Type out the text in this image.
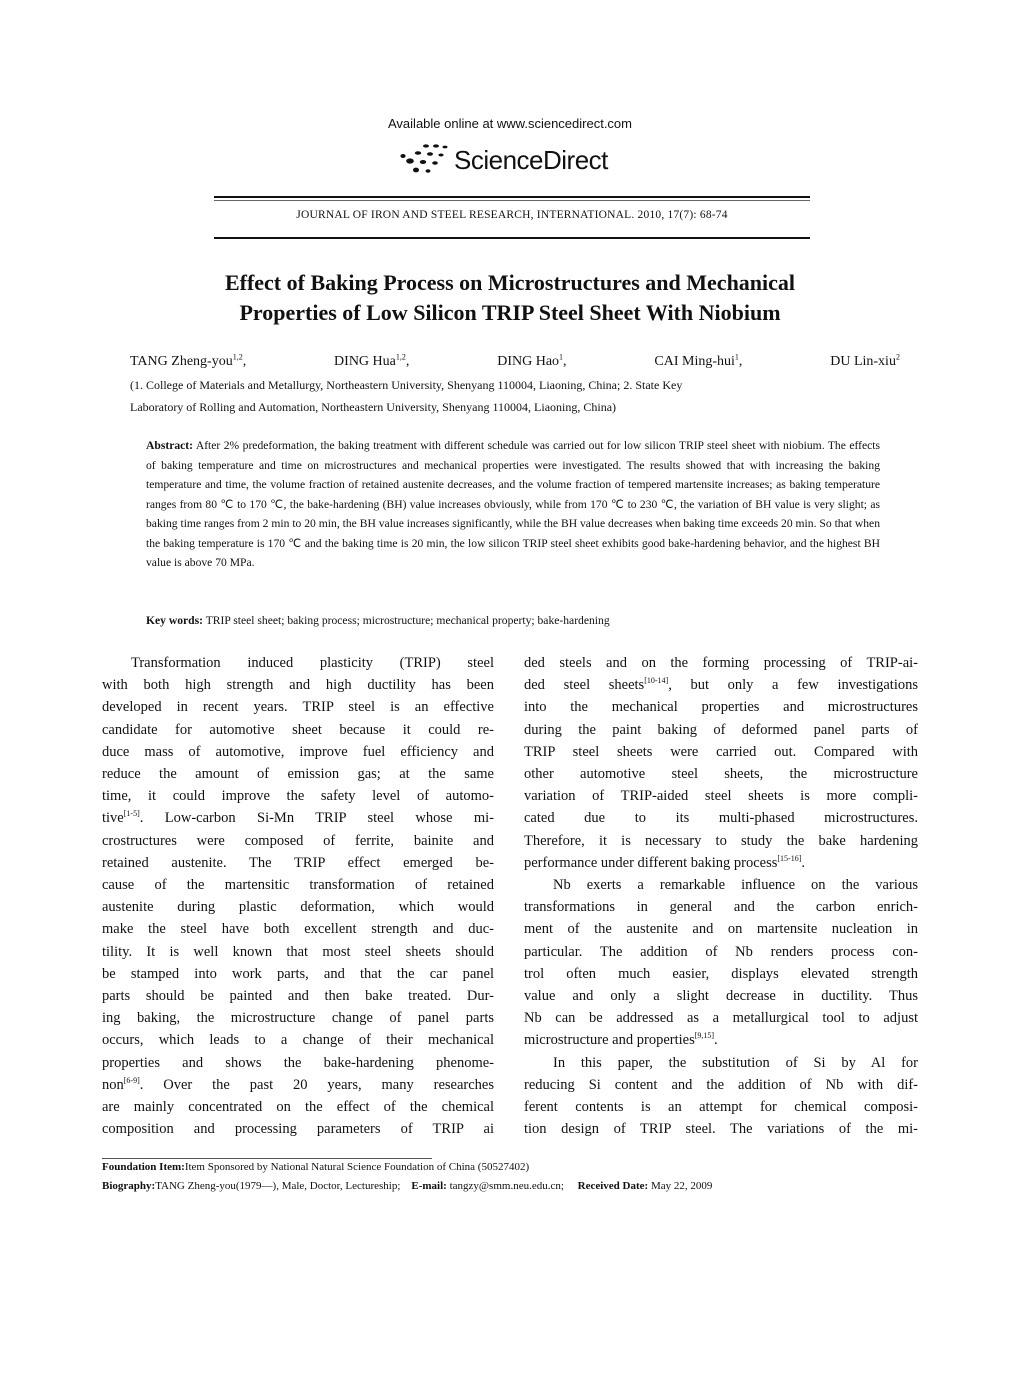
Available online at www.sciencedirect.com
ScienceDirect
JOURNAL OF IRON AND STEEL RESEARCH, INTERNATIONAL. 2010, 17(7): 68-74
Effect of Baking Process on Microstructures and Mechanical
Properties of Low Silicon TRIP Steel Sheet With Niobium
TANG Zheng-you$^{1,2}$,	DING Hua$^{1,2}$,	DING Hao$^1$,	CAI Ming-hui$^1$,	DU Lin-xiu$^2$
(1. College of Materials and Metallurgy, Northeastern University, Shenyang 110004, Liaoning, China; 2. State Key
Laboratory of Rolling and Automation, Northeastern University, Shenyang 110004, Liaoning, China)
Abstract: After 2% predeformation, the baking treatment with different schedule was carried out for low silicon TRIP steel sheet with niobium. The effects of baking temperature and time on microstructures and mechanical properties were investigated. The results showed that with increasing the baking temperature and time, the volume fraction of retained austenite decreases, and the volume fraction of tempered martensite increases; as baking temperature ranges from 80 ℃ to 170 ℃, the bake-hardening (BH) value increases obviously, while from 170 ℃ to 230 ℃, the variation of BH value is very slight; as baking time ranges from 2 min to 20 min, the BH value increases significantly, while the BH value decreases when baking time exceeds 20 min. So that when the baking temperature is 170 ℃ and the baking time is 20 min, the low silicon TRIP steel sheet exhibits good bake-hardening behavior, and the highest BH value is above 70 MPa.
Key words: TRIP steel sheet; baking process; microstructure; mechanical property; bake-hardening
Transformation induced plasticity (TRIP) steel
with both high strength and high ductility has been
developed in recent years. TRIP steel is an effective
candidate for automotive sheet because it could re-
duce mass of automotive, improve fuel efficiency and
reduce the amount of emission gas; at the same
time, it could improve the safety level of automo-
tive[1-5]. Low-carbon Si-Mn TRIP steel whose mi-
crostructures were composed of ferrite, bainite and
retained austenite. The TRIP effect emerged be-
cause of the martensitic transformation of retained
austenite during plastic deformation, which would
make the steel have both excellent strength and duc-
tility. It is well known that most steel sheets should
be stamped into work parts, and that the car panel
parts should be painted and then bake treated. Dur-
ing baking, the microstructure change of panel parts
occurs, which leads to a change of their mechanical
properties and shows the bake-hardening phenome-
non[6-9]. Over the past 20 years, many researches
are mainly concentrated on the effect of the chemical
composition and processing parameters of TRIP ai
ded steels and on the forming processing of TRIP-ai-
ded steel sheets[10-14], but only a few investigations
into the mechanical properties and microstructures
during the paint baking of deformed panel parts of
TRIP steel sheets were carried out. Compared with
other automotive steel sheets, the microstructure
variation of TRIP-aided steel sheets is more compli-
cated due to its multi-phased microstructures.
Therefore, it is necessary to study the bake hardening
performance under different baking process[15-16].
Nb exerts a remarkable influence on the various
transformations in general and the carbon enrich-
ment of the austenite and on martensite nucleation in
particular. The addition of Nb renders process con-
trol often much easier, displays elevated strength
value and only a slight decrease in ductility. Thus
Nb can be addressed as a metallurgical tool to adjust
microstructure and properties[9,15].
In this paper, the substitution of Si by Al for
reducing Si content and the addition of Nb with dif-
ferent contents is an attempt for chemical composi-
tion design of TRIP steel. The variations of the mi-
Foundation Item:Item Sponsored by National Natural Science Foundation of China (50527402)
Biography:TANG Zheng-you(1979—), Male, Doctor, Lectureship; E-mail: tangzy@smm.neu.edu.cn; Received Date: May 22, 2009
